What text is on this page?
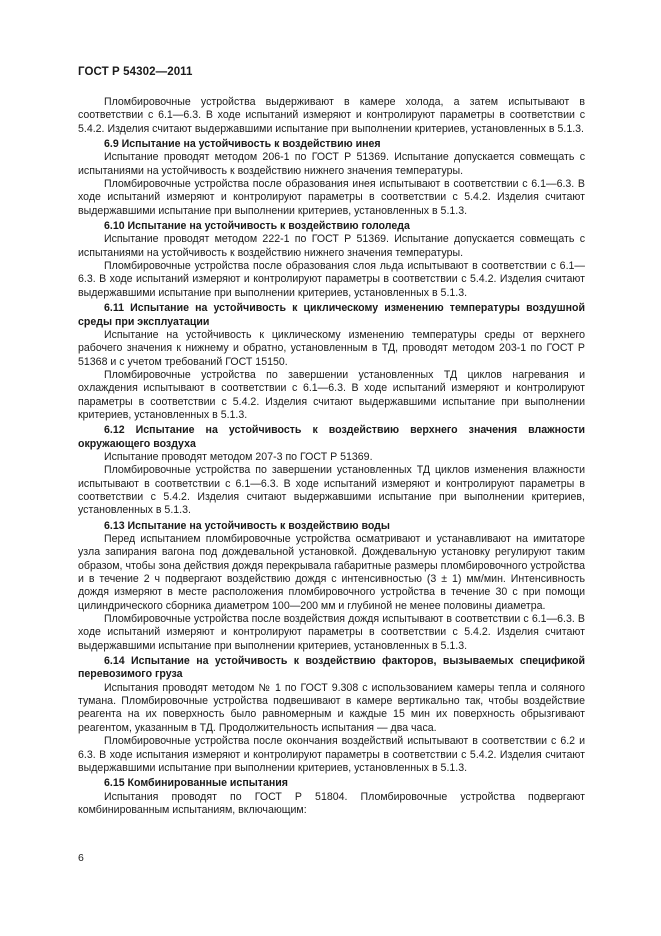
ГОСТ Р 54302—2011

Пломбировочные устройства выдерживают в камере холода, а затем испытывают в соответствии с 6.1—6.3. В ходе испытаний измеряют и контролируют параметры в соответствии с 5.4.2. Изделия считают выдержавшими испытание при выполнении критериев, установленных в 5.1.3.

6.9 Испытание на устойчивость к воздействию инея

Испытание проводят методом 206-1 по ГОСТ Р 51369. Испытание допускается совмещать с испытаниями на устойчивость к воздействию нижнего значения температуры.

Пломбировочные устройства после образования инея испытывают в соответствии с 6.1—6.3. В ходе испытаний измеряют и контролируют параметры в соответствии с 5.4.2. Изделия считают выдержавшими испытание при выполнении критериев, установленных в 5.1.3.

6.10 Испытание на устойчивость к воздействию гололеда

Испытание проводят методом 222-1 по ГОСТ Р 51369. Испытание допускается совмещать с испытаниями на устойчивость к воздействию нижнего значения температуры.

Пломбировочные устройства после образования слоя льда испытывают в соответствии с 6.1—6.3. В ходе испытаний измеряют и контролируют параметры в соответствии с 5.4.2. Изделия считают выдержавшими испытание при выполнении критериев, установленных в 5.1.3.

6.11 Испытание на устойчивость к циклическому изменению температуры воздушной среды при эксплуатации

Испытание на устойчивость к циклическому изменению температуры среды от верхнего рабочего значения к нижнему и обратно, установленным в ТД, проводят методом 203-1 по ГОСТ Р 51368 и с учетом требований ГОСТ 15150.

Пломбировочные устройства по завершении установленных ТД циклов нагревания и охлаждения испытывают в соответствии с 6.1—6.3. В ходе испытаний измеряют и контролируют параметры в соответствии с 5.4.2. Изделия считают выдержавшими испытание при выполнении критериев, установленных в 5.1.3.

6.12 Испытание на устойчивость к воздействию верхнего значения влажности окружающего воздуха

Испытание проводят методом 207-3 по ГОСТ Р 51369.

Пломбировочные устройства по завершении установленных ТД циклов изменения влажности испытывают в соответствии с 6.1—6.3. В ходе испытаний измеряют и контролируют параметры в соответствии с 5.4.2. Изделия считают выдержавшими испытание при выполнении критериев, установленных в 5.1.3.

6.13 Испытание на устойчивость к воздействию воды

Перед испытанием пломбировочные устройства осматривают и устанавливают на имитаторе узла запирания вагона под дождевальной установкой. Дождевальную установку регулируют таким образом, чтобы зона действия дождя перекрывала габаритные размеры пломбировочного устройства и в течение 2 ч подвергают воздействию дождя с интенсивностью (3 ± 1) мм/мин. Интенсивность дождя измеряют в месте расположения пломбировочного устройства в течение 30 с при помощи цилиндрического сборника диаметром 100—200 мм и глубиной не менее половины диаметра.

Пломбировочные устройства после воздействия дождя испытывают в соответствии с 6.1—6.3. В ходе испытаний измеряют и контролируют параметры в соответствии с 5.4.2. Изделия считают выдержавшими испытание при выполнении критериев, установленных в 5.1.3.

6.14 Испытание на устойчивость к воздействию факторов, вызываемых спецификой перевозимого груза

Испытания проводят методом № 1 по ГОСТ 9.308 с использованием камеры тепла и соляного тумана. Пломбировочные устройства подвешивают в камере вертикально так, чтобы воздействие реагента на их поверхность было равномерным и каждые 15 мин их поверхность обрызгивают реагентом, указанным в ТД. Продолжительность испытания — два часа.

Пломбировочные устройства после окончания воздействий испытывают в соответствии с 6.2 и 6.3. В ходе испытания измеряют и контролируют параметры в соответствии с 5.4.2. Изделия считают выдержавшими испытание при выполнении критериев, установленных в 5.1.3.

6.15 Комбинированные испытания

Испытания проводят по ГОСТ Р 51804. Пломбировочные устройства подвергают комбинированным испытаниям, включающим:

6
